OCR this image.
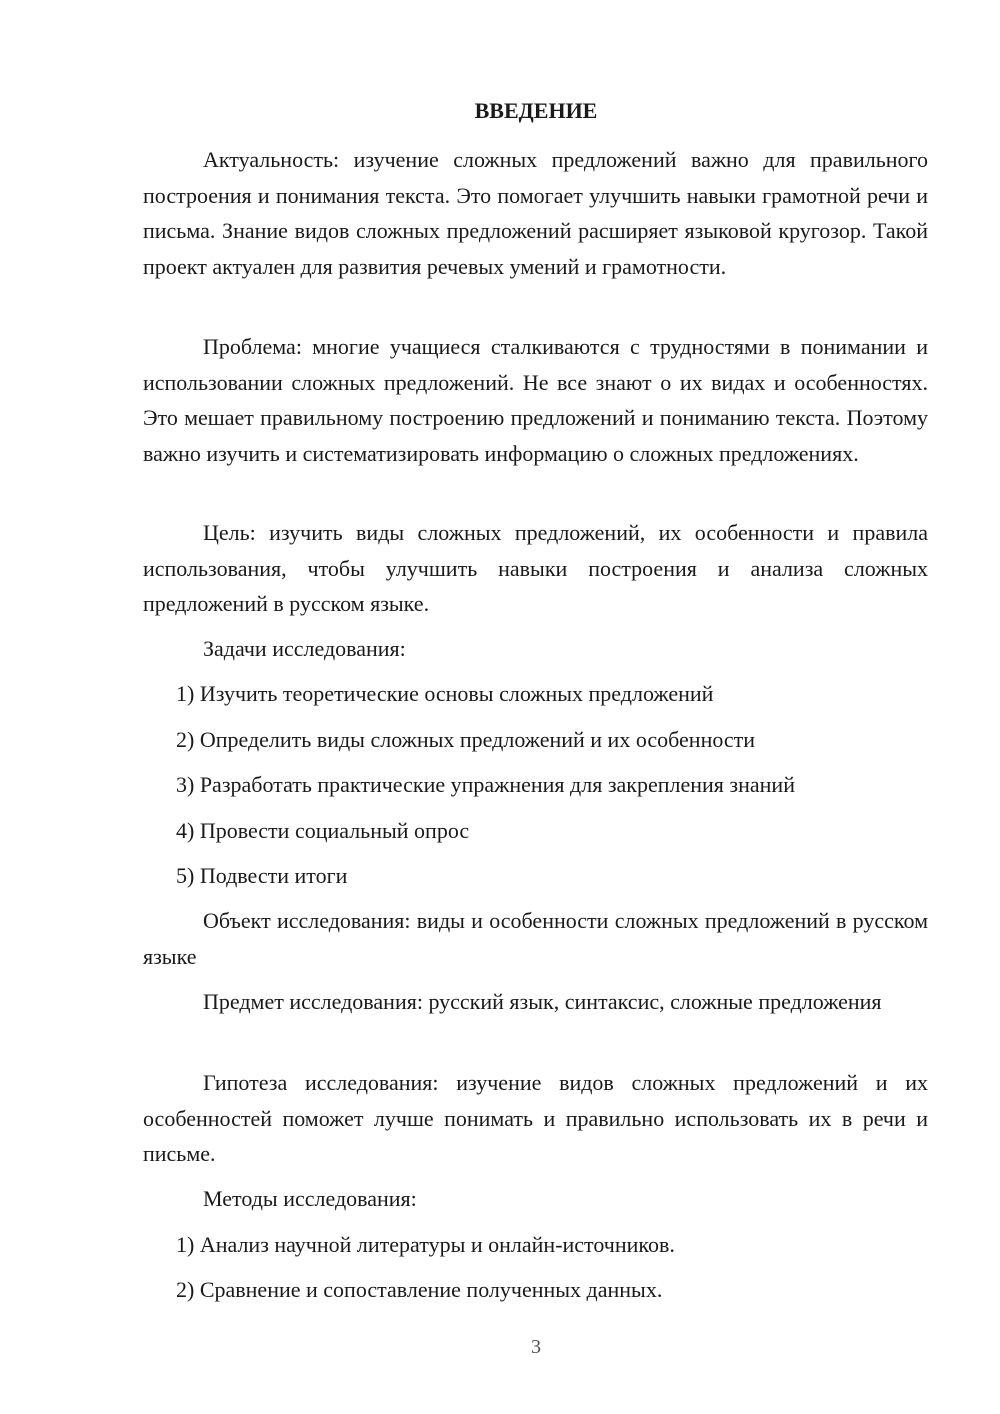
ВВЕДЕНИЕ
Актуальность: изучение сложных предложений важно для правильного построения и понимания текста. Это помогает улучшить навыки грамотной речи и письма. Знание видов сложных предложений расширяет языковой кругозор. Такой проект актуален для развития речевых умений и грамотности.
Проблема: многие учащиеся сталкиваются с трудностями в понимании и использовании сложных предложений. Не все знают о их видах и особенностях. Это мешает правильному построению предложений и пониманию текста. Поэтому важно изучить и систематизировать информацию о сложных предложениях.
Цель: изучить виды сложных предложений, их особенности и правила использования, чтобы улучшить навыки построения и анализа сложных предложений в русском языке.
Задачи исследования:
1) Изучить теоретические основы сложных предложений
2) Определить виды сложных предложений и их особенности
3) Разработать практические упражнения для закрепления знаний
4) Провести социальный опрос
5) Подвести итоги
Объект исследования: виды и особенности сложных предложений в русском языке
Предмет исследования: русский язык, синтаксис, сложные предложения
Гипотеза исследования: изучение видов сложных предложений и их особенностей поможет лучше понимать и правильно использовать их в речи и письме.
Методы исследования:
1) Анализ научной литературы и онлайн-источников.
2) Сравнение и сопоставление полученных данных.
3
